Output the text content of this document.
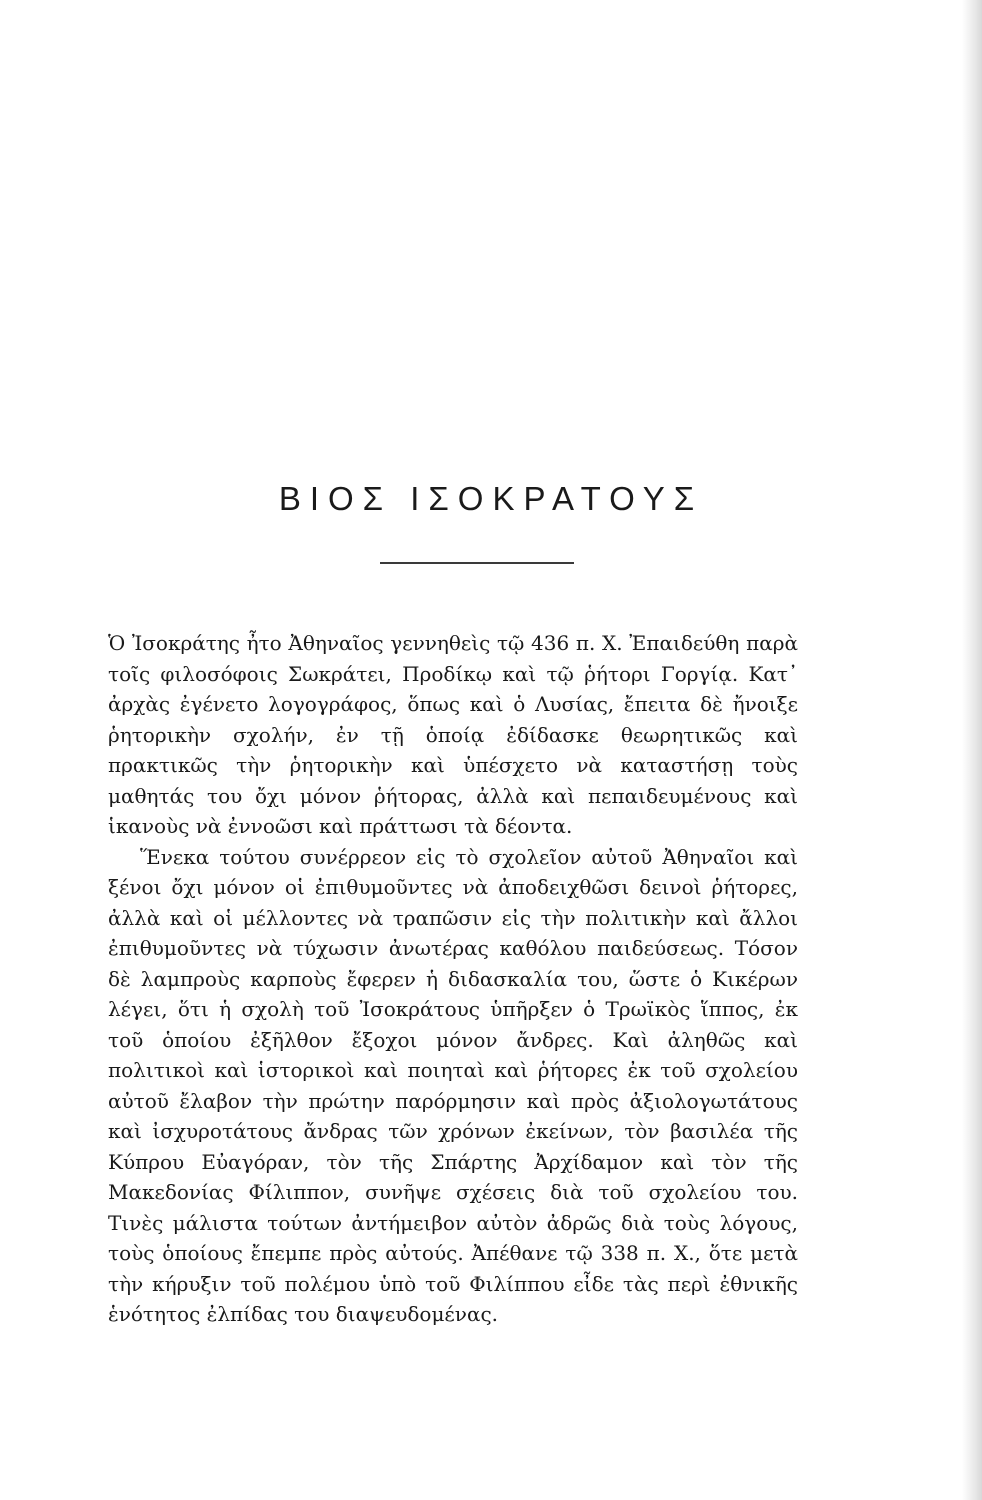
ΒΙΟΣ ΙΣΟΚΡΑΤΟΥΣ

Ὁ Ἰσοκράτης ἦτο Ἀθηναῖος γεννηθεὶς τῷ 436 π. Χ. Ἐπαιδεύθη παρὰ τοῖς φιλοσόφοις Σωκράτει, Προδίκῳ καὶ τῷ ῥήτορι Γοργίᾳ. Κατ᾽ ἀρχὰς ἐγένετο λογογράφος, ὅπως καὶ ὁ Λυσίας, ἔπειτα δὲ ἤνοιξε ῥητορικὴν σχολήν, ἐν τῇ ὁποίᾳ ἐδίδασκε θεωρητικῶς καὶ πρακτικῶς τὴν ῥητορικὴν καὶ ὑπέσχετο νὰ καταστήσῃ τοὺς μαθητάς του ὄχι μόνον ῥήτορας, ἀλλὰ καὶ πεπαιδευμένους καὶ ἱκανοὺς νὰ ἐννοῶσι καὶ πράττωσι τὰ δέοντα.

Ἕνεκα τούτου συνέρρεον εἰς τὸ σχολεῖον αὐτοῦ Ἀθηναῖοι καὶ ξένοι ὄχι μόνον οἱ ἐπιθυμοῦντες νὰ ἀποδειχθῶσι δεινοὶ ῥήτορες, ἀλλὰ καὶ οἱ μέλλοντες νὰ τραπῶσιν εἰς τὴν πολιτικὴν καὶ ἄλλοι ἐπιθυμοῦντες νὰ τύχωσιν ἀνωτέρας καθόλου παιδεύσεως. Τόσον δὲ λαμπροὺς καρποὺς ἔφερεν ἡ διδασκαλία του, ὥστε ὁ Κικέρων λέγει, ὅτι ἡ σχολὴ τοῦ Ἰσοκράτους ὑπῆρξεν ὁ Τρωϊκὸς ἵππος, ἐκ τοῦ ὁποίου ἐξῆλθον ἔξοχοι μόνον ἄνδρες. Καὶ ἀληθῶς καὶ πολιτικοὶ καὶ ἱστορικοὶ καὶ ποιηταὶ καὶ ῥήτορες ἐκ τοῦ σχολείου αὐτοῦ ἔλαβον τὴν πρώτην παρόρμησιν καὶ πρὸς ἀξιολογωτάτους καὶ ἰσχυροτάτους ἄνδρας τῶν χρόνων ἐκείνων, τὸν βασιλέα τῆς Κύπρου Εὐαγόραν, τὸν τῆς Σπάρτης Ἀρχίδαμον καὶ τὸν τῆς Μακεδονίας Φίλιππον, συνῆψε σχέσεις διὰ τοῦ σχολείου του. Τινὲς μάλιστα τούτων ἀντήμειβον αὐτὸν ἀδρῶς διὰ τοὺς λόγους, τοὺς ὁποίους ἔπεμπε πρὸς αὐτούς. Ἀπέθανε τῷ 338 π. Χ., ὅτε μετὰ τὴν κήρυξιν τοῦ πολέμου ὑπὸ τοῦ Φιλίππου εἶδε τὰς περὶ ἐθνικῆς ἑνότητος ἐλπίδας του διαψευδομένας.
